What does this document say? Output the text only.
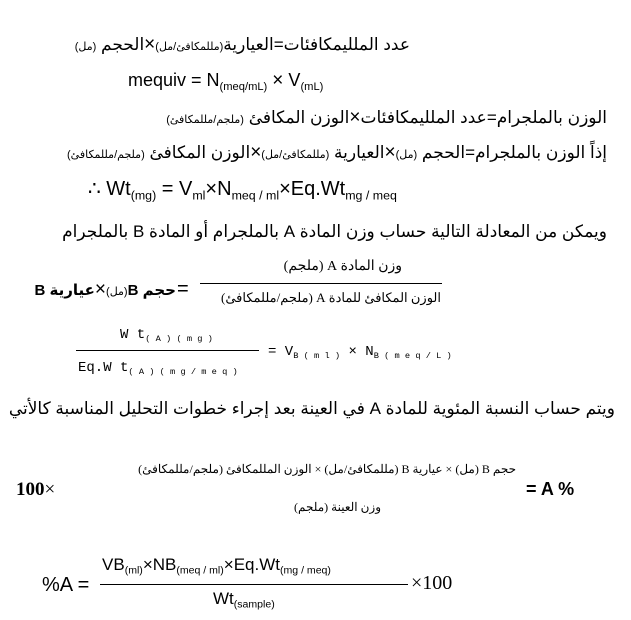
عدد الملليمكافئات=العيارية(مللمكافئ/مل)×الحجم (مل)
mequiv = $N_{(meq/mL)} \times V_{(mL)}$
الوزن بالملجرام=عدد الملليمكافئات×الوزن المكافئ (ملجم/مللمكافئ)
إذاً الوزن بالملجرام=الحجم (مل)×العيارية (مللمكافئ/مل)×الوزن المكافئ (ملجم/مللمكافئ)
∴ $Wt_{(mg)} = V_{ml}\times N_{meq / ml}\times Eq.Wt_{mg / meq}$
ويمكن من المعادلة التالية حساب وزن المادة A بالملجرام أو المادة B بالملجرام
حجم B(مل)×عيارية B	=
وزن المادة A (ملجم)
الوزن المكافئ للمادة A (ملجم/مللمكافئ)
W $t_{( A ) ( m g )}$
Eq.W $t_{( A ) ( m g / m e q )}$
= $V_{B ( m l )} \times N_{B ( m e q / L )}$
ويتم حساب النسبة المئوية للمادة A في العينة بعد إجراء خطوات التحليل المناسبة كالأتي
100×
حجم B (مل) × عيارية B (مللمكافئ/مل) × الوزن المللمكافئ (ملجم/مللمكافئ)
وزن العينة (ملجم)
= A %
%A =
$VB_{(ml)}\times NB_{(meq / ml)}\times Eq.Wt_{(mg / meq)}$
$Wt_{(sample)}$
×100
